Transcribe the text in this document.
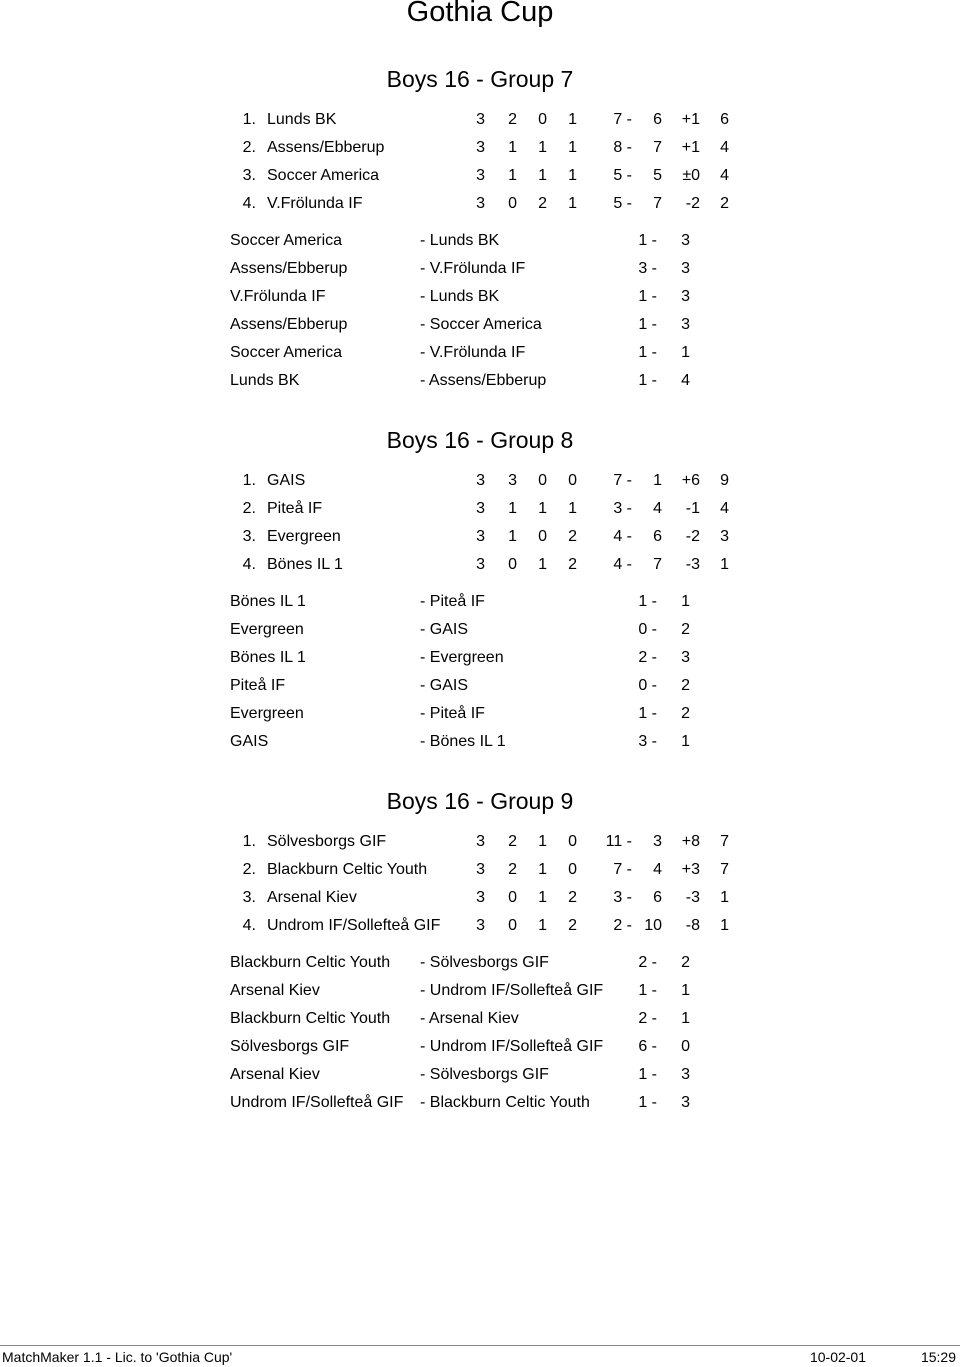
Gothia Cup
Boys 16 - Group 7
1. Lunds BK	3 2 0 1 7 - 6 +1 6
2. Assens/Ebberup	3 1 1 1 8 - 7 +1 4
3. Soccer America	3 1 1 1 5 - 5 ±0 4
4. V.Frölunda IF	3 0 2 1 5 - 7 -2 2
Soccer America	- Lunds BK	1 - 3
Assens/Ebberup	- V.Frölunda IF	3 - 3
V.Frölunda IF	- Lunds BK	1 - 3
Assens/Ebberup	- Soccer America	1 - 3
Soccer America	- V.Frölunda IF	1 - 1
Lunds BK	- Assens/Ebberup	1 - 4
Boys 16 - Group 8
1. GAIS	3 3 0 0 7 - 1 +6 9
2. Piteå IF	3 1 1 1 3 - 4 -1 4
3. Evergreen	3 1 0 2 4 - 6 -2 3
4. Bönes IL 1	3 0 1 2 4 - 7 -3 1
Bönes IL 1	- Piteå IF	1 - 1
Evergreen	- GAIS	0 - 2
Bönes IL 1	- Evergreen	2 - 3
Piteå IF	- GAIS	0 - 2
Evergreen	- Piteå IF	1 - 2
GAIS	- Bönes IL 1	3 - 1
Boys 16 - Group 9
1. Sölvesborgs GIF	3 2 1 0 11 - 3 +8 7
2. Blackburn Celtic Youth	3 2 1 0 7 - 4 +3 7
3. Arsenal Kiev	3 0 1 2 3 - 6 -3 1
4. Undrom IF/Sollefteå GIF 3 0 1 2 2 - 10 -8 1
Blackburn Celtic Youth - Sölvesborgs GIF	2 - 2
Arsenal Kiev	- Undrom IF/Sollefteå GIF 1 - 1
Blackburn Celtic Youth - Arsenal Kiev	2 - 1
Sölvesborgs GIF	- Undrom IF/Sollefteå GIF 6 - 0
Arsenal Kiev	- Sölvesborgs GIF	1 - 3
Undrom IF/Sollefteå GIF - Blackburn Celtic Youth	1 - 3
MatchMaker 1.1 - Lic. to 'Gothia Cup'	10-02-01	15:29
